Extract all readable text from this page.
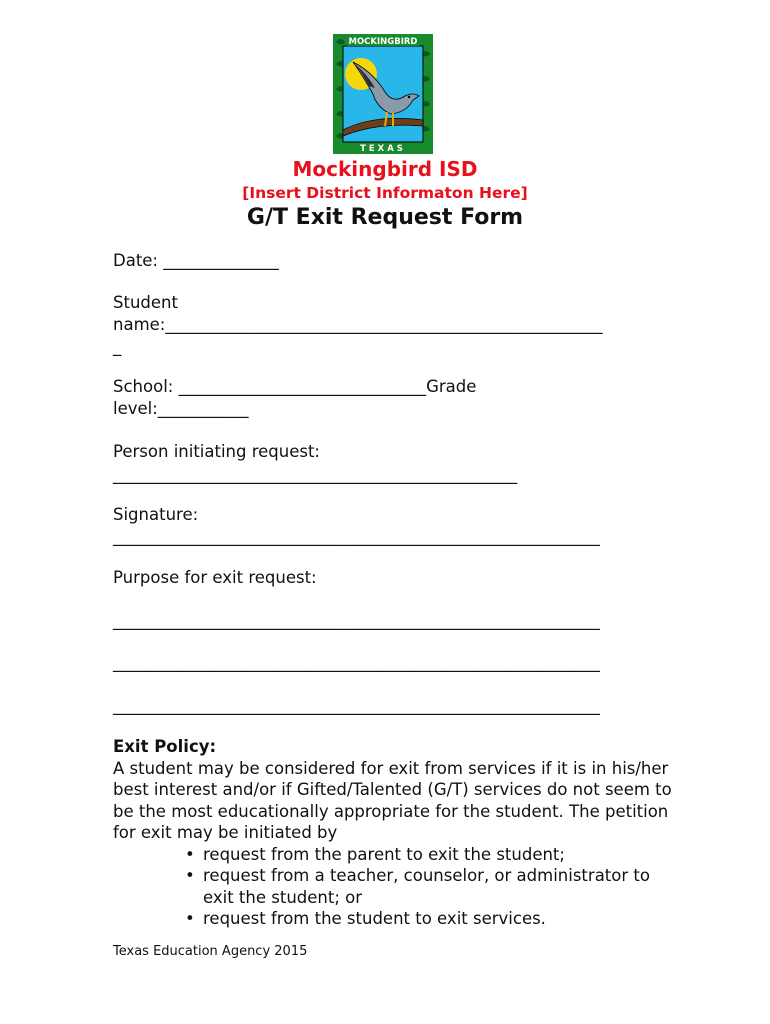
MOCKINGBIRD
TEXAS
Mockingbird ISD
[Insert District Informaton Here]
G/T Exit Request Form
Date: ______________
Student
name:_____________________________________________________
_
School: ______________________________Grade
level:___________
Person initiating request:
_________________________________________________
Signature:
___________________________________________________________
Purpose for exit request:
___________________________________________________________
___________________________________________________________
___________________________________________________________
Exit Policy:
A student may be considered for exit from services if it is in his/her best interest and/or if Gifted/Talented (G/T) services do not seem to be the most educationally appropriate for the student. The petition for exit may be initiated by
• request from the parent to exit the student;
• request from a teacher, counselor, or administrator to exit the student; or
• request from the student to exit services.
Texas Education Agency 2015
